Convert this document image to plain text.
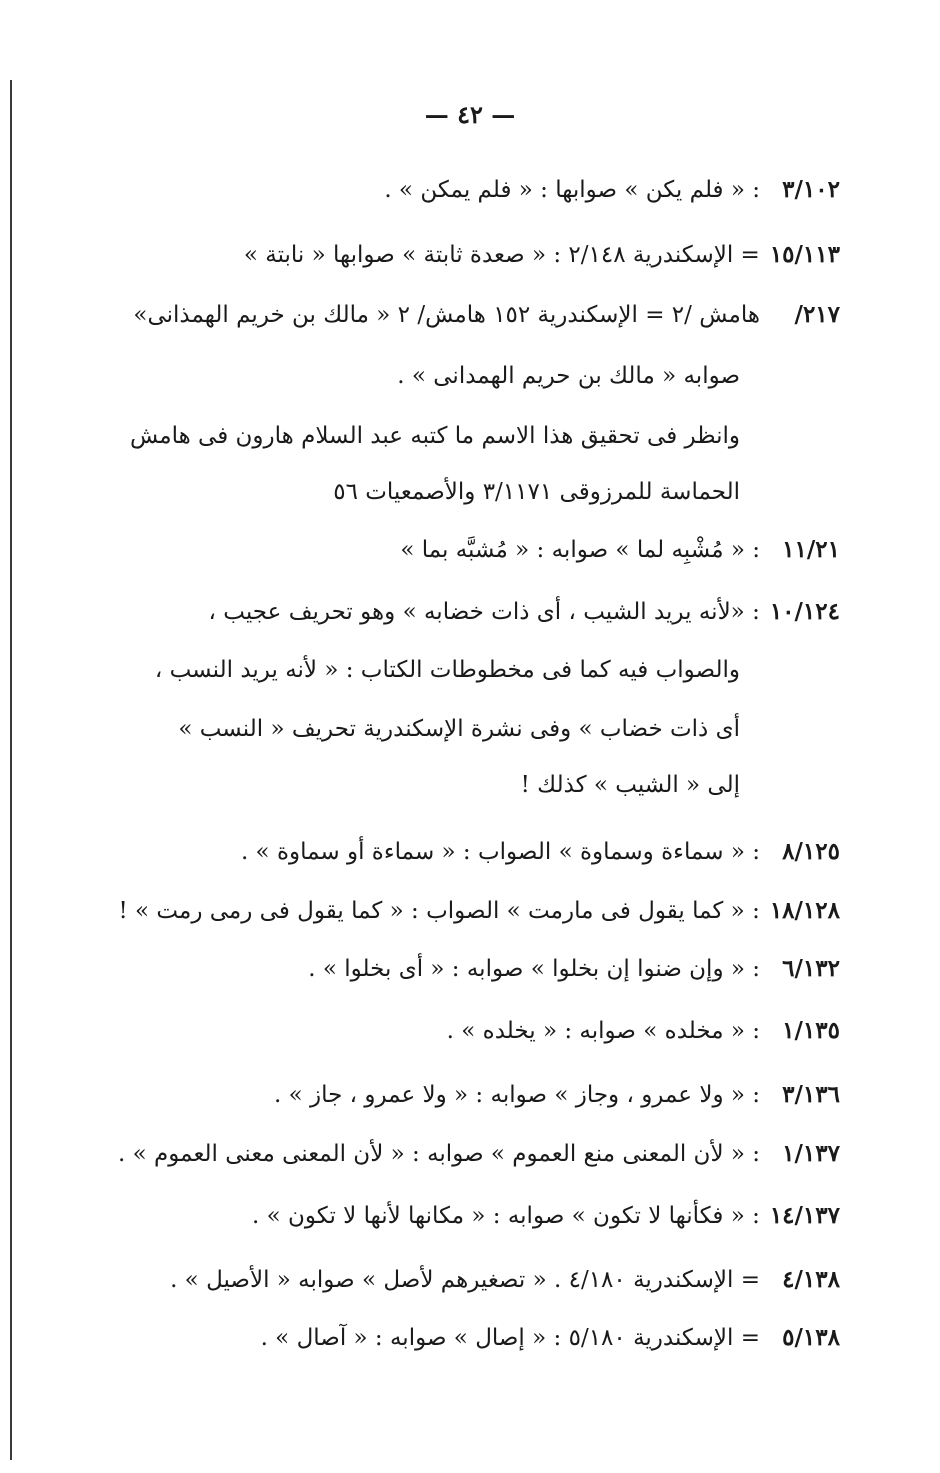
— ٤٢ —
٣/١٠٢: « فلم يكن » صوابها : « فلم يمكن » .
١٥/١١٣= الإسكندرية ٢/١٤٨ : « صعدة ثابتة » صوابها « نابتة »
٢١٧/هامش /٢ = الإسكندرية ١٥٢ هامش/ ٢ « مالك بن خريم الهمذانى»
صوابه « مالك بن حريم الهمدانى » .
وانظر فى تحقيق هذا الاسم ما كتبه عبد السلام هارون فى هامش
الحماسة للمرزوقى ٣/١١٧١ والأصمعيات ٥٦
١١/٢١: « مُشْبِه لما » صوابه : « مُشبَّه بما »
١٠/١٢٤: «لأنه يريد الشيب ، أى ذات خضابه » وهو تحريف عجيب ،
والصواب فيه كما فى مخطوطات الكتاب : « لأنه يريد النسب ،
أى ذات خضاب » وفى نشرة الإسكندرية تحريف « النسب »
إلى « الشيب » كذلك !
٨/١٢٥: « سماءة وسماوة » الصواب : « سماءة أو سماوة » .
١٨/١٢٨: « كما يقول فى مارمت » الصواب : « كما يقول فى رمى رمت » !
٦/١٣٢: « وإن ضنوا إن بخلوا » صوابه : « أى بخلوا » .
١/١٣٥: « مخلده » صوابه : « يخلده » .
٣/١٣٦: « ولا عمرو ، وجاز » صوابه : « ولا عمرو ، جاز » .
١/١٣٧: « لأن المعنى منع العموم » صوابه : « لأن المعنى معنى العموم » .
١٤/١٣٧: « فكأنها لا تكون » صوابه : « مكانها لأنها لا تكون » .
٤/١٣٨= الإسكندرية ٤/١٨٠ . « تصغيرهم لأصل » صوابه « الأصيل » .
٥/١٣٨= الإسكندرية ٥/١٨٠ : « إصال » صوابه : « آصال » .
